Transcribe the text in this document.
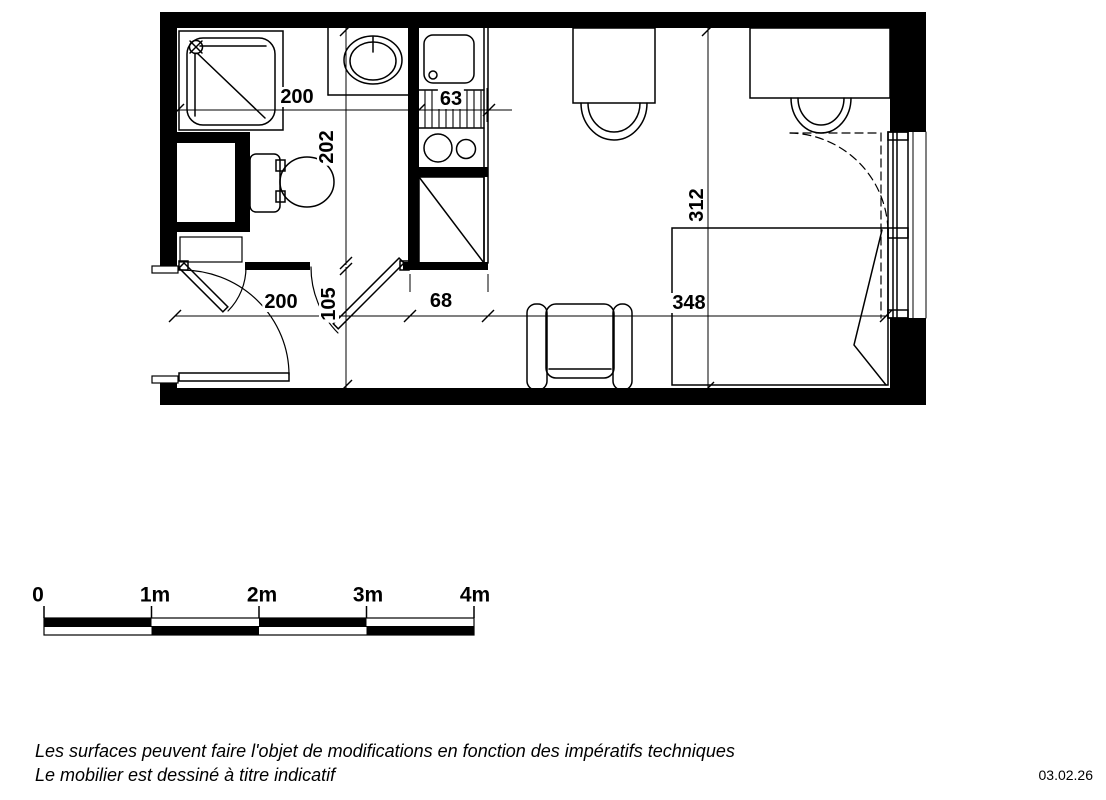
200	63
202
312
200 105	68	348
0	1m	2m	3m	4m
Les surfaces peuvent faire l'objet de modifications en fonction des impératifs techniques
Le mobilier est dessiné à titre indicatif	03.02.26
